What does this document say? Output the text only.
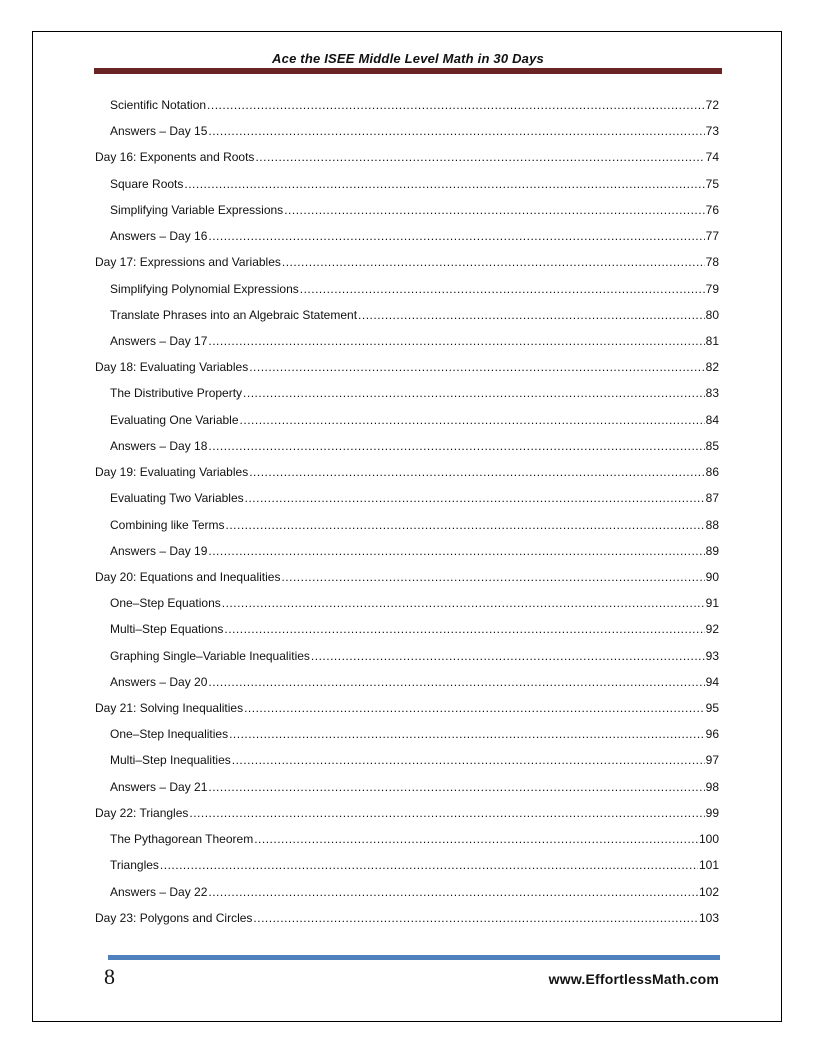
Ace the ISEE Middle Level Math in 30 Days
Scientific Notation .....	72
Answers – Day 15 .....	73
Day 16: Exponents and Roots .....	74
Square Roots .....	75
Simplifying Variable Expressions .....	76
Answers – Day 16 .....	77
Day 17: Expressions and Variables .....	78
Simplifying Polynomial Expressions .....	79
Translate Phrases into an Algebraic Statement .....	80
Answers – Day 17 .....	81
Day 18: Evaluating Variables .....	82
The Distributive Property .....	83
Evaluating One Variable .....	84
Answers – Day 18 .....	85
Day 19: Evaluating Variables .....	86
Evaluating Two Variables .....	87
Combining like Terms .....	88
Answers – Day 19 .....	89
Day 20: Equations and Inequalities .....	90
One–Step Equations .....	91
Multi–Step Equations .....	92
Graphing Single–Variable Inequalities .....	93
Answers – Day 20 .....	94
Day 21: Solving Inequalities .....	95
One–Step Inequalities .....	96
Multi–Step Inequalities .....	97
Answers – Day 21 .....	98
Day 22: Triangles .....	99
The Pythagorean Theorem .....	100
Triangles .....	101
Answers – Day 22 .....	102
Day 23: Polygons and Circles .....	103
8	www.EffortlessMath.com
